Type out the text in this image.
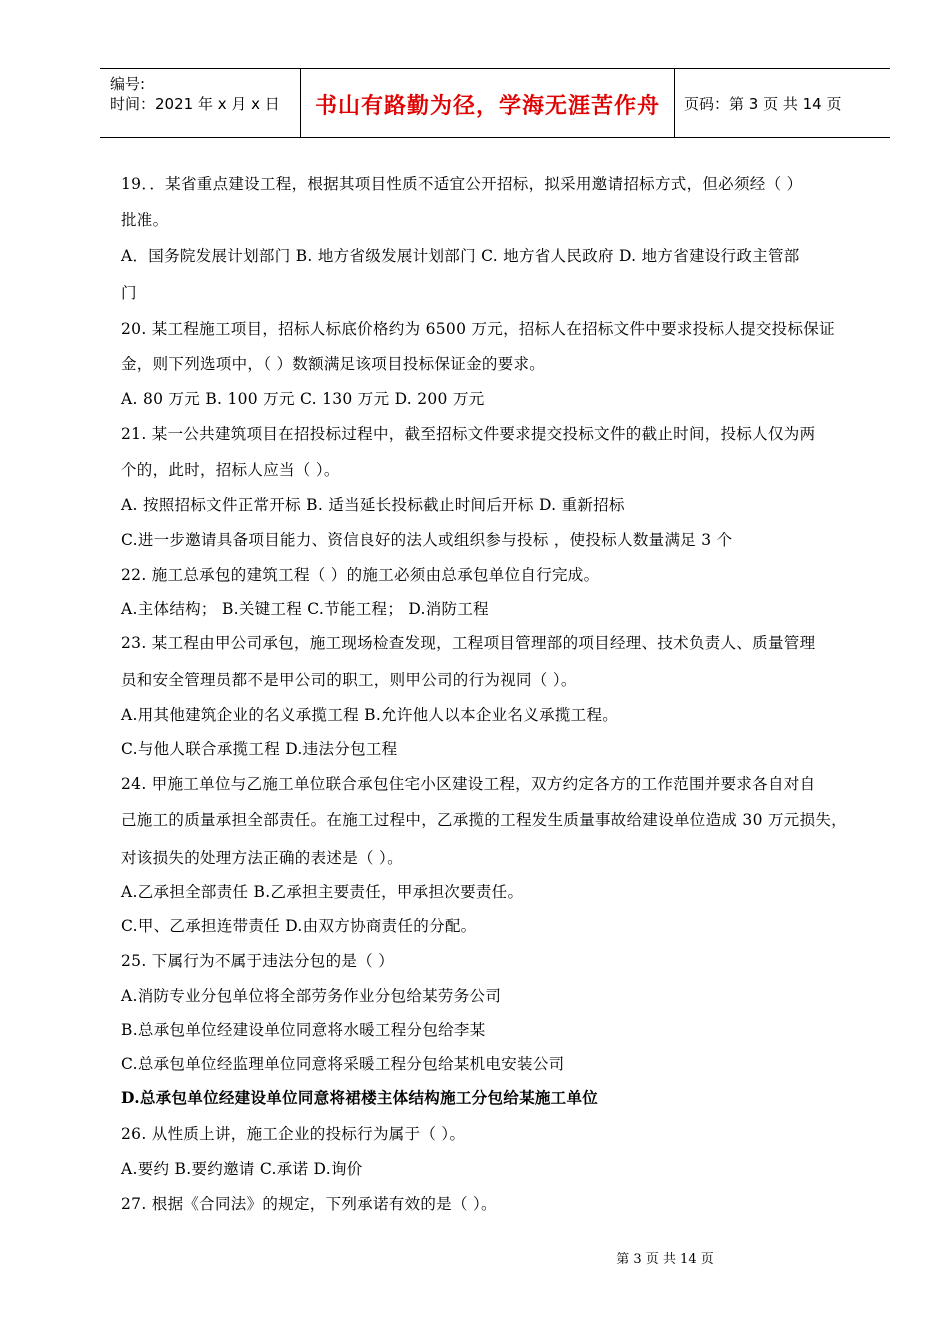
编号:
时间：2021 年 x 月 x 日	书山有路勤为径，学海无涯苦作舟	页码：第 3 页 共 14 页
19．．某省重点建设工程，根据其项目性质不适宜公开招标，拟采用邀请招标方式，但必须经（ ）
批准。
A．国务院发展计划部门 B. 地方省级发展计划部门 C. 地方省人民政府 D. 地方省建设行政主管部
门
20. 某工程施工项目，招标人标底价格约为 6500 万元，招标人在招标文件中要求投标人提交投标保证
金，则下列选项中，（ ）数额满足该项目投标保证金的要求。
A. 80 万元 B. 100 万元 C. 130 万元 D. 200 万元
21. 某一公共建筑项目在招投标过程中，截至招标文件要求提交投标文件的截止时间，投标人仅为两
个的，此时，招标人应当（ ）。
A. 按照招标文件正常开标 B. 适当延长投标截止时间后开标 D. 重新招标
C.进一步邀请具备项目能力、资信良好的法人或组织参与投标 ，使投标人数量满足 3 个
22. 施工总承包的建筑工程（ ）的施工必须由总承包单位自行完成。
A.主体结构； B.关键工程 C.节能工程； D.消防工程
23. 某工程由甲公司承包，施工现场检查发现，工程项目管理部的项目经理、技术负责人、质量管理
员和安全管理员都不是甲公司的职工，则甲公司的行为视同（ ）。
A.用其他建筑企业的名义承揽工程 B.允许他人以本企业名义承揽工程。
C.与他人联合承揽工程 D.违法分包工程
24. 甲施工单位与乙施工单位联合承包住宅小区建设工程，双方约定各方的工作范围并要求各自对自
己施工的质量承担全部责任。在施工过程中，乙承揽的工程发生质量事故给建设单位造成 30 万元损失，
对该损失的处理方法正确的表述是（ ）。
A.乙承担全部责任 B.乙承担主要责任，甲承担次要责任。
C.甲、乙承担连带责任 D.由双方协商责任的分配。
25. 下属行为不属于违法分包的是（ ）
A.消防专业分包单位将全部劳务作业分包给某劳务公司
B.总承包单位经建设单位同意将水暖工程分包给李某
C.总承包单位经监理单位同意将采暖工程分包给某机电安装公司
D.总承包单位经建设单位同意将裙楼主体结构施工分包给某施工单位
26. 从性质上讲，施工企业的投标行为属于（ ）。
A.要约 B.要约邀请 C.承诺 D.询价
27. 根据《合同法》的规定，下列承诺有效的是（ ）。
第 3 页 共 14 页
